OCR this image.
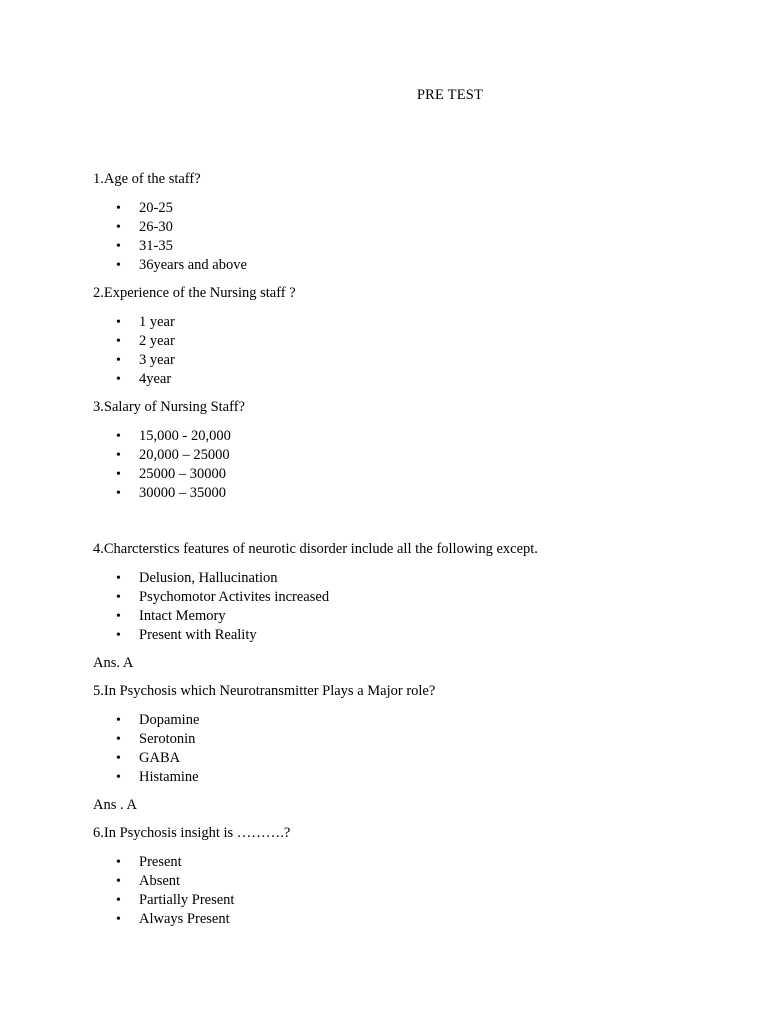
PRE TEST
1.Age of the staff?
• 20-25
• 26-30
• 31-35
• 36years and above
2.Experience of the Nursing staff ?
• 1 year
• 2 year
• 3 year
• 4year
3.Salary of Nursing Staff?
• 15,000 - 20,000
• 20,000 – 25000
• 25000 – 30000
• 30000 – 35000
4.Charcterstics features of neurotic disorder include all the following except.
• Delusion, Hallucination
• Psychomotor Activites increased
• Intact Memory
• Present with Reality
Ans. A
5.In Psychosis which Neurotransmitter Plays a Major role?
• Dopamine
• Serotonin
• GABA
• Histamine
Ans . A
6.In Psychosis insight is ……….?
• Present
• Absent
• Partially Present
• Always Present
